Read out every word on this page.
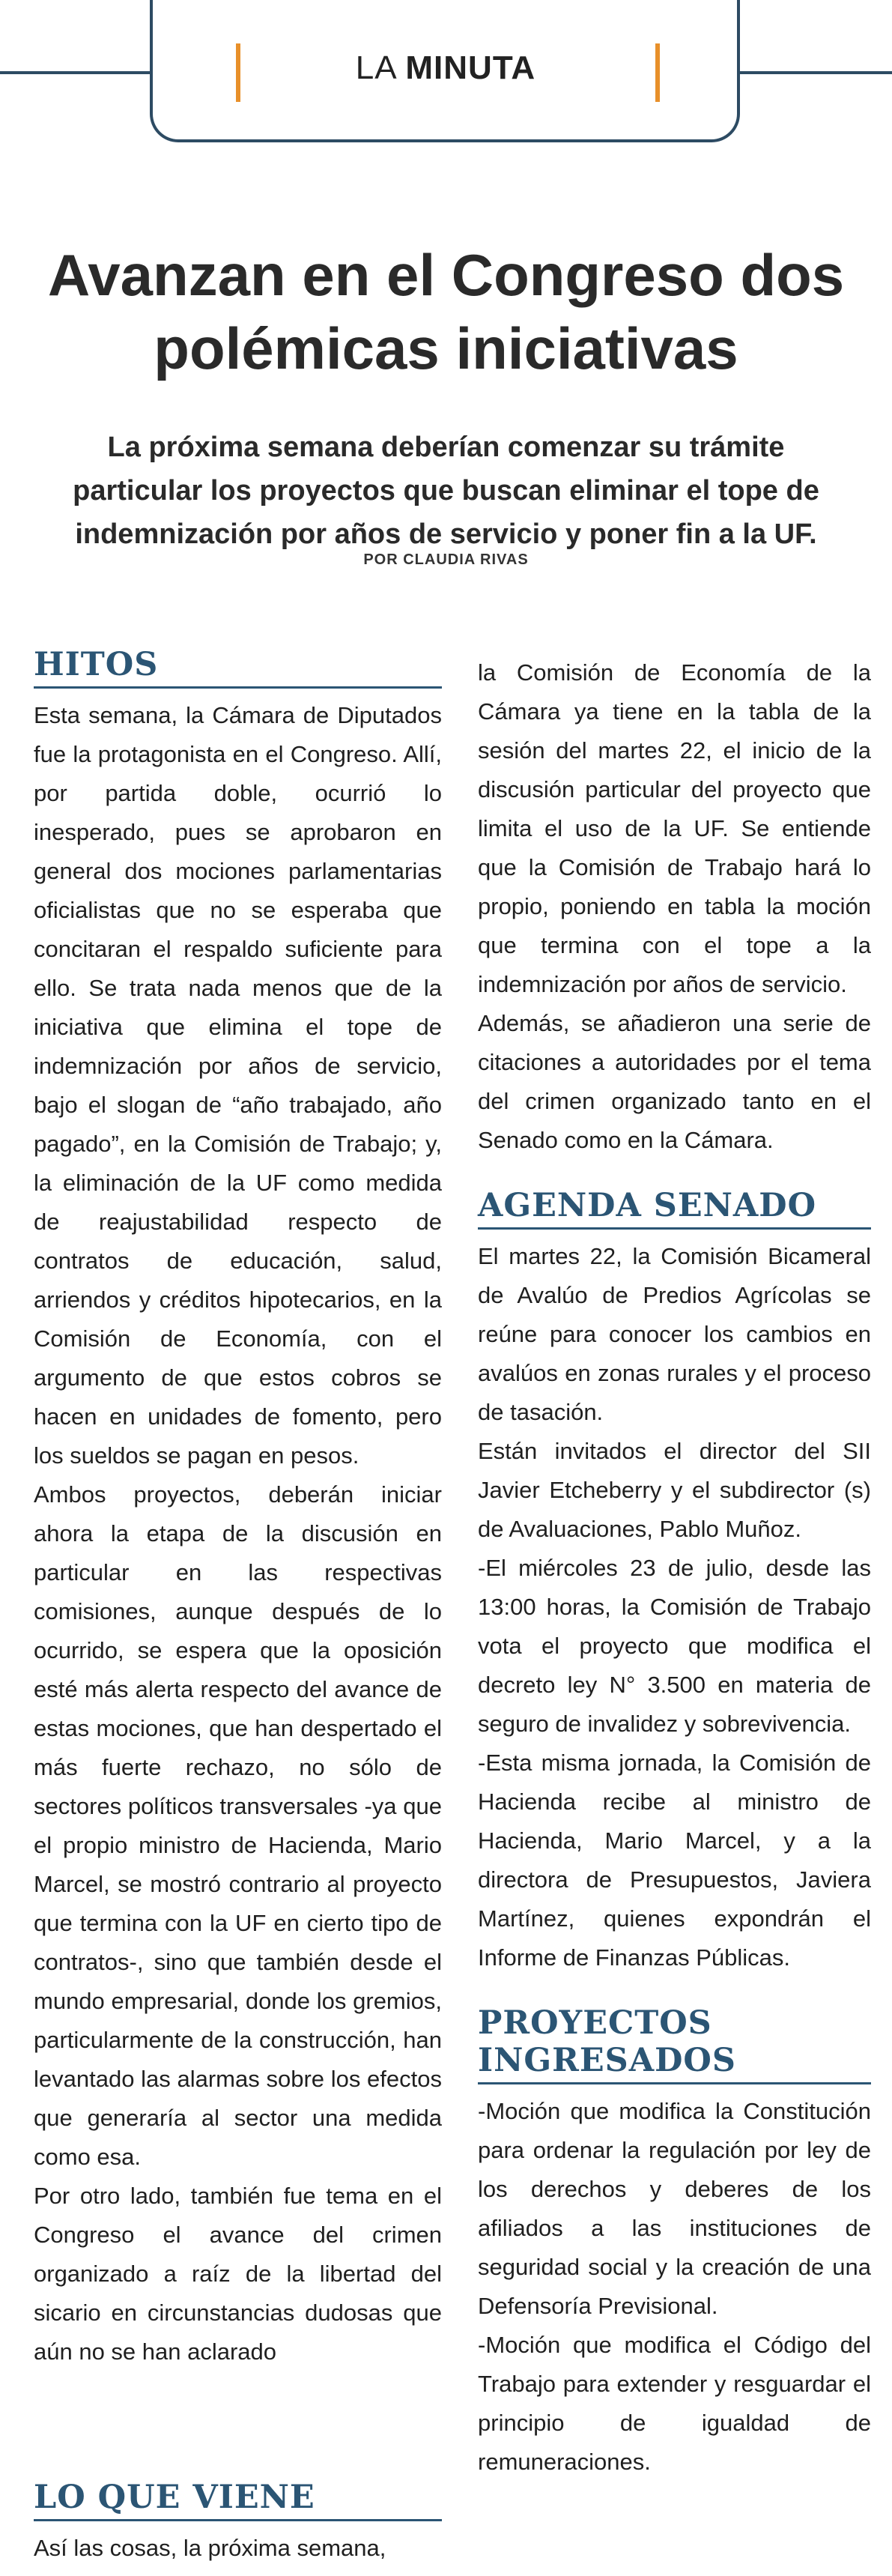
LA MINUTA
Avanzan en el Congreso dos polémicas iniciativas

La próxima semana deberían comenzar su trámite particular los proyectos que buscan eliminar el tope de indemnización por años de servicio y poner fin a la UF.

POR CLAUDIA RIVAS
HITOS

Esta semana, la Cámara de Diputados fue la protagonista en el Congreso. Allí, por partida doble, ocurrió lo inesperado, pues se aprobaron en general dos mociones parlamentarias oficialistas que no se esperaba que concitaran el respaldo suficiente para ello. Se trata nada menos que de la iniciativa que elimina el tope de indemnización por años de servicio, bajo el slogan de “año trabajado, año pagado”, en la Comisión de Trabajo; y, la eliminación de la UF como medida de reajustabilidad respecto de contratos de educación, salud, arriendos y créditos hipotecarios, en la Comisión de Economía, con el argumento de que estos cobros se hacen en unidades de fomento, pero los sueldos se pagan en pesos.

Ambos proyectos, deberán iniciar ahora la etapa de la discusión en particular en las respectivas comisiones, aunque después de lo ocurrido, se espera que la oposición esté más alerta respecto del avance de estas mociones, que han despertado el más fuerte rechazo, no sólo de sectores políticos transversales -ya que el propio ministro de Hacienda, Mario Marcel, se mostró contrario al proyecto que termina con la UF en cierto tipo de contratos-, sino que también desde el mundo empresarial, donde los gremios, particularmente de la construcción, han levantado las alarmas sobre los efectos que generaría al sector una medida como esa.

Por otro lado, también fue tema en el Congreso el avance del crimen organizado a raíz de la libertad del sicario en circunstancias dudosas que aún no se han aclarado

LO QUE VIENE

Así las cosas, la próxima semana,

la Comisión de Economía de la Cámara ya tiene en la tabla de la sesión del martes 22, el inicio de la discusión particular del proyecto que limita el uso de la UF. Se entiende que la Comisión de Trabajo hará lo propio, poniendo en tabla la moción que termina con el tope a la indemnización por años de servicio.

Además, se añadieron una serie de citaciones a autoridades por el tema del crimen organizado tanto en el Senado como en la Cámara.

AGENDA SENADO

El martes 22, la Comisión Bicameral de Avalúo de Predios Agrícolas se reúne para conocer los cambios en avalúos en zonas rurales y el proceso de tasación.

Están invitados el director del SII Javier Etcheberry y el subdirector (s) de Avaluaciones, Pablo Muñoz.

-El miércoles 23 de julio, desde las 13:00 horas, la Comisión de Trabajo vota el proyecto que modifica el decreto ley N° 3.500 en materia de seguro de invalidez y sobrevivencia.

-Esta misma jornada, la Comisión de Hacienda recibe al ministro de Hacienda, Mario Marcel, y a la directora de Presupuestos, Javiera Martínez, quienes expondrán el Informe de Finanzas Públicas.

PROYECTOS
INGRESADOS

-Moción que modifica la Constitución para ordenar la regulación por ley de los derechos y deberes de los afiliados a las instituciones de seguridad social y la creación de una Defensoría Previsional.

-Moción que modifica el Código del Trabajo para extender y resguardar el principio de igualdad de remuneraciones.
